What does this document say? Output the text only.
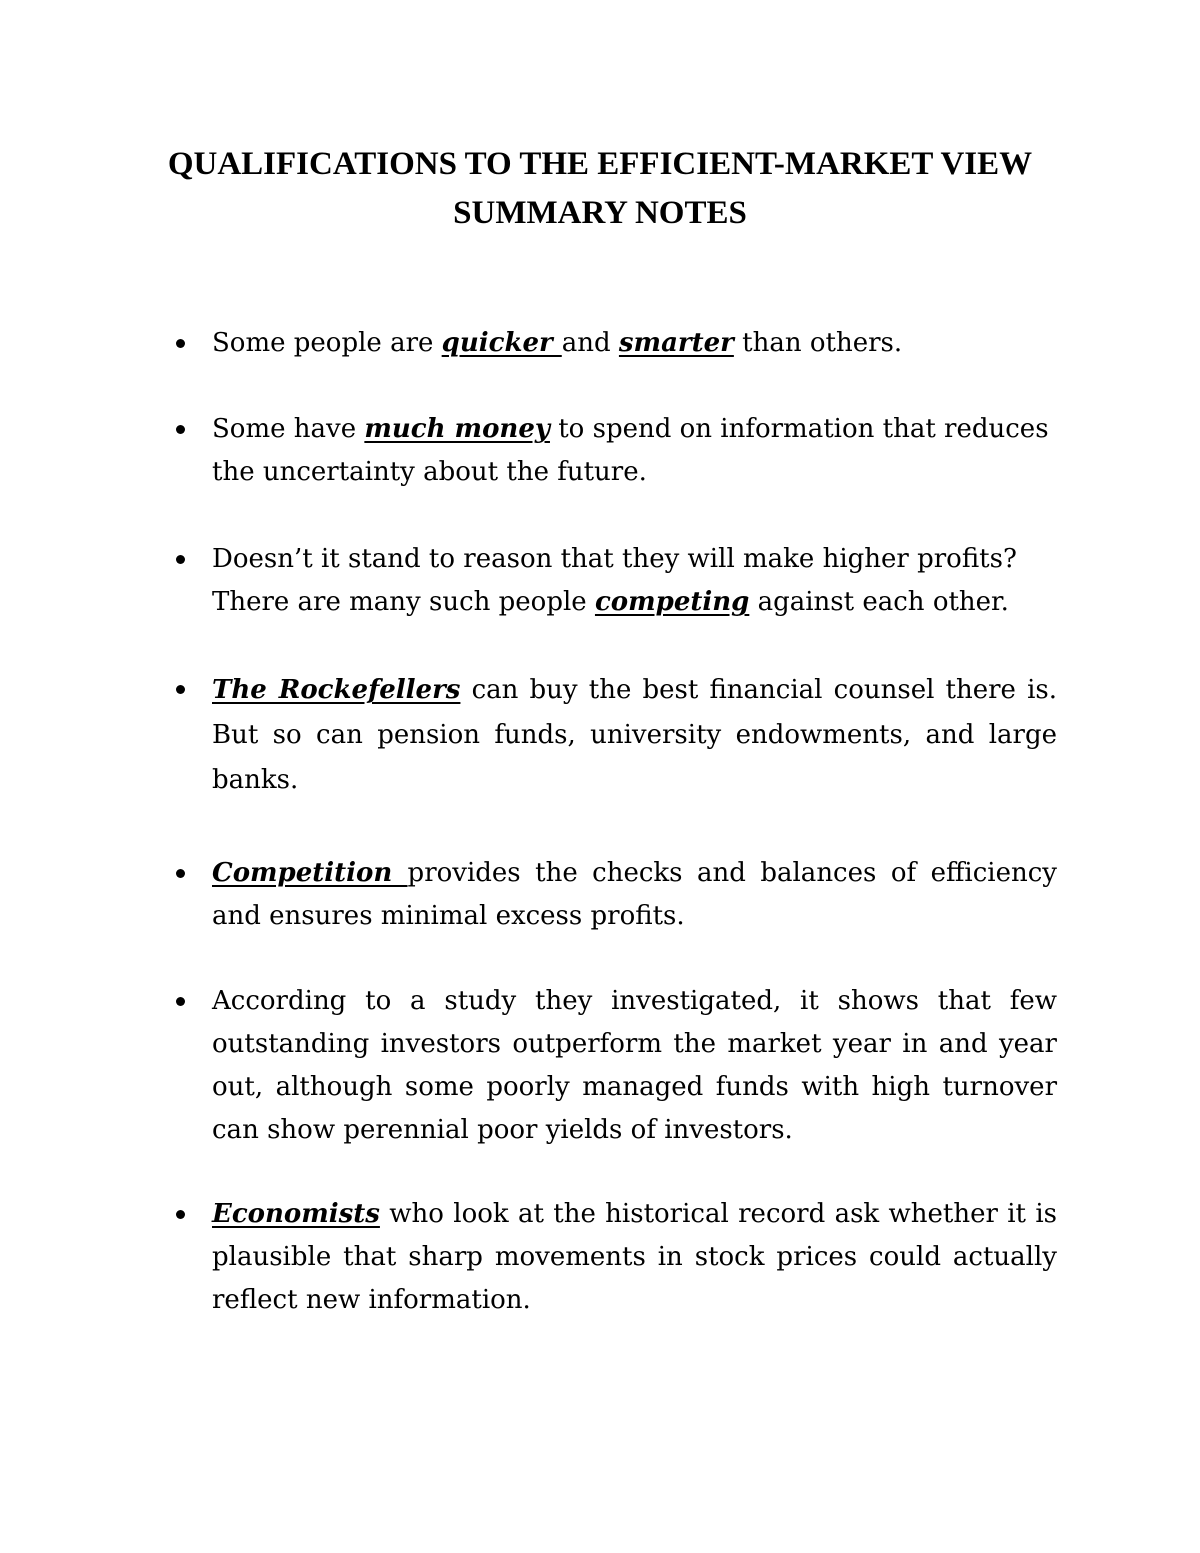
QUALIFICATIONS TO THE EFFICIENT-MARKET VIEW
SUMMARY NOTES
Some people are quicker and smarter than others.
Some have much money to spend on information that reduces the uncertainty about the future.
Doesn’t it stand to reason that they will make higher profits? There are many such people competing against each other.
The Rockefellers can buy the best financial counsel there is. But so can pension funds, university endowments, and large banks.
Competition provides the checks and balances of efficiency and ensures minimal excess profits.
According to a study they investigated, it shows that few outstanding investors outperform the market year in and year out, although some poorly managed funds with high turnover can show perennial poor yields of investors.
Economists who look at the historical record ask whether it is plausible that sharp movements in stock prices could actually reflect new information.
